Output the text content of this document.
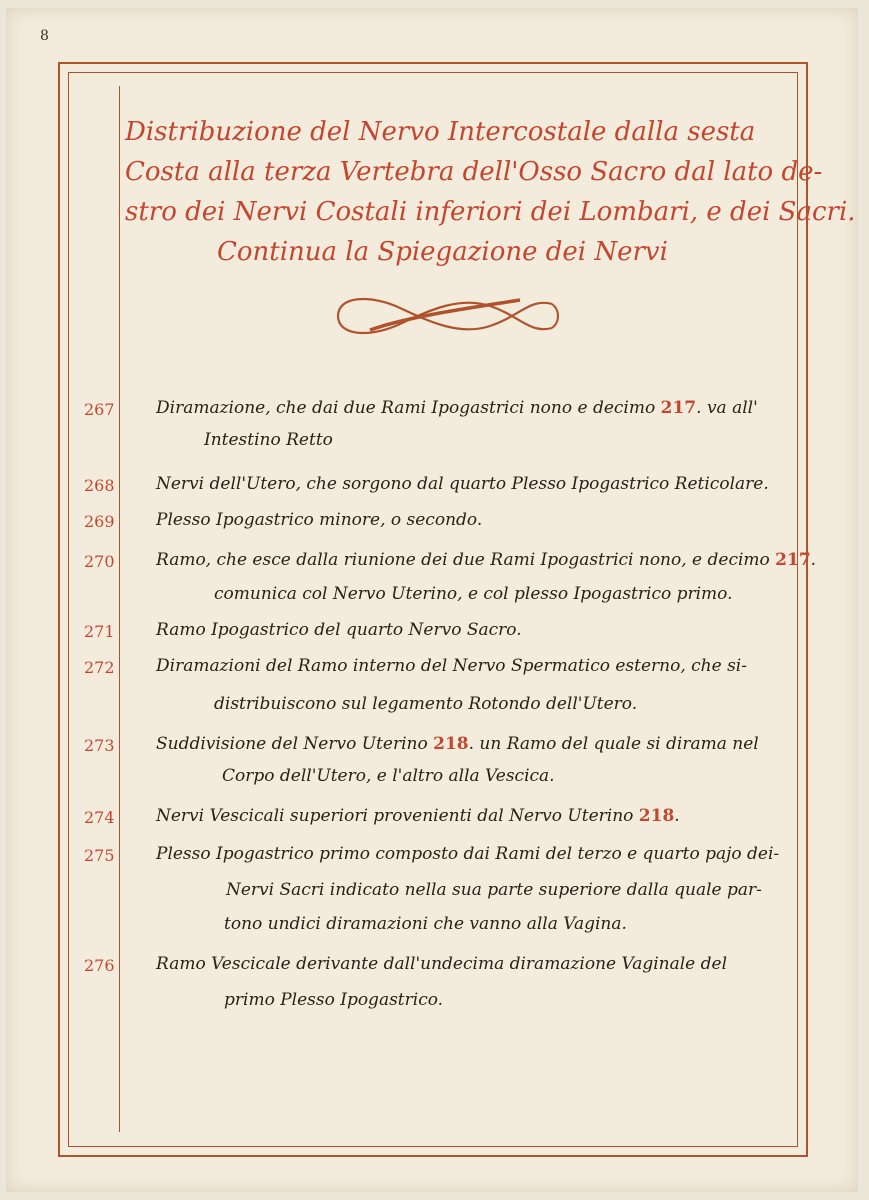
8
Distribuzione del Nervo Intercostale dalla sesta
Costa alla terza Vertebra dell'Osso Sacro dal lato de-
stro dei Nervi Costali inferiori dei Lombari, e dei Sacri.
Continua la Spiegazione dei Nervi
267	Diramazione, che dai due Rami Ipogastrici nono e decimo 217. va all'
Intestino Retto
268	Nervi dell'Utero, che sorgono dal quarto Plesso Ipogastrico Reticolare.
269	Plesso Ipogastrico minore, o secondo.
270	Ramo, che esce dalla riunione dei due Rami Ipogastrici nono, e decimo 217.
comunica col Nervo Uterino, e col plesso Ipogastrico primo.
271	Ramo Ipogastrico del quarto Nervo Sacro.
272	Diramazioni del Ramo interno del Nervo Spermatico esterno, che si-
distribuiscono sul legamento Rotondo dell'Utero.
273	Suddivisione del Nervo Uterino 218. un Ramo del quale si dirama nel
Corpo dell'Utero, e l'altro alla Vescica.
274	Nervi Vescicali superiori provenienti dal Nervo Uterino 218.
275	Plesso Ipogastrico primo composto dai Rami del terzo e quarto pajo dei-
Nervi Sacri indicato nella sua parte superiore dalla quale par-
tono undici diramazioni che vanno alla Vagina.
276	Ramo Vescicale derivante dall'undecima diramazione Vaginale del
primo Plesso Ipogastrico.
